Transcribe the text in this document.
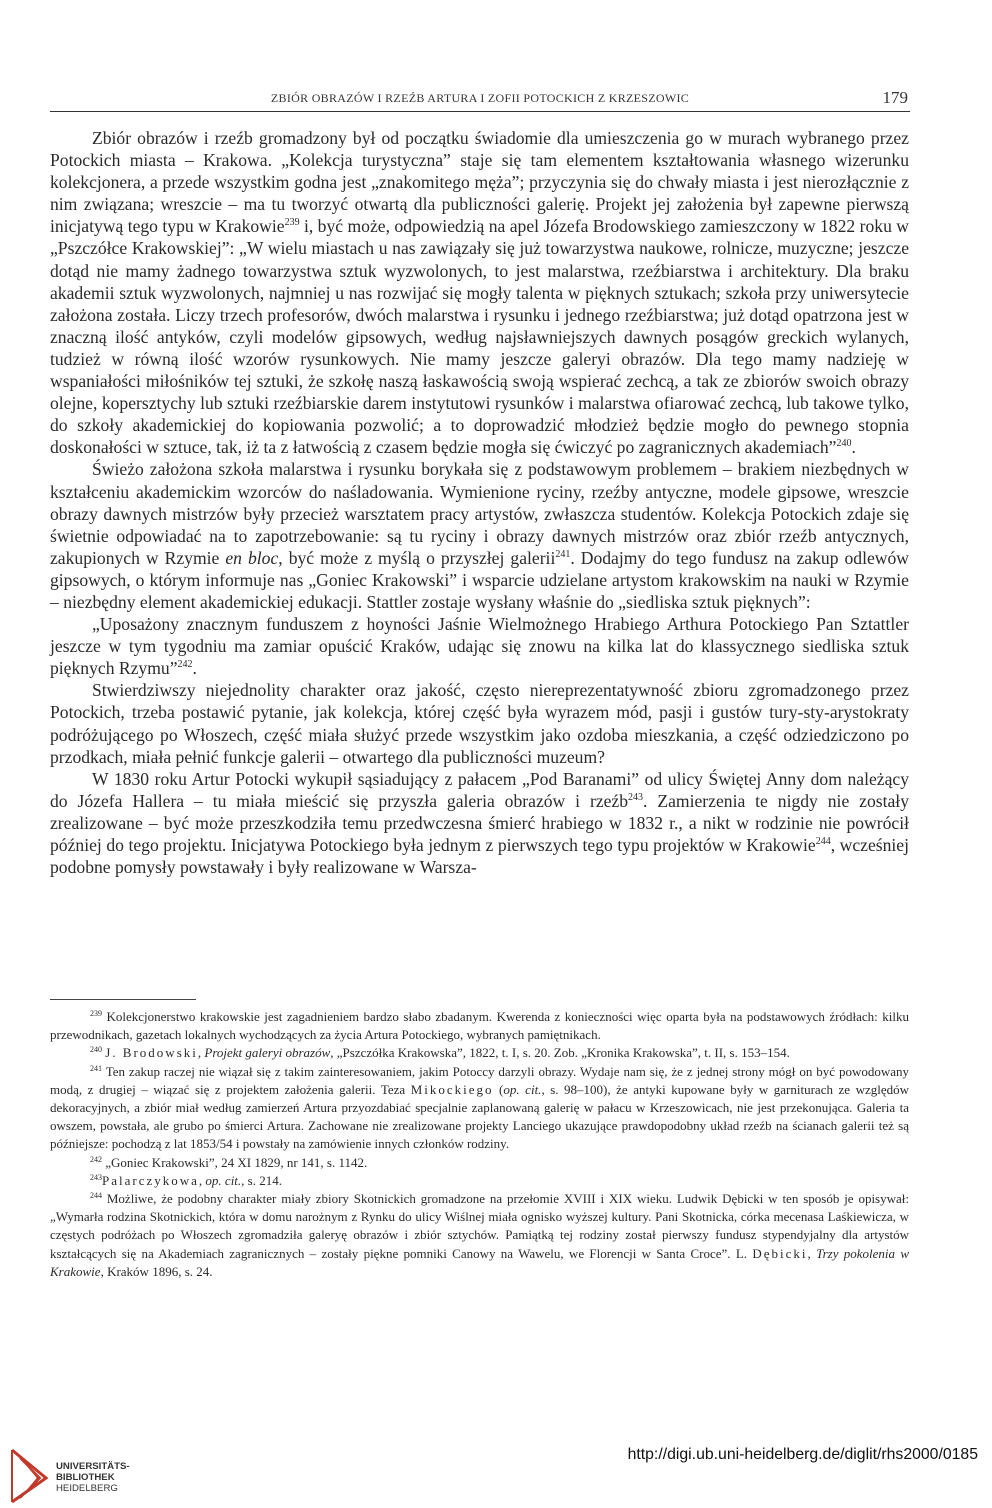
ZBIÓR OBRAZÓW I RZEŹB ARTURA I ZOFII POTOCKICH Z KRZESZOWIC	179

Zbiór obrazów i rzeźb gromadzony był od początku świadomie dla umieszczenia go w murach wybranego przez Potockich miasta – Krakowa. „Kolekcja turystyczna” staje się tam elementem kształtowania własnego wizerunku kolekcjonera, a przede wszystkim godna jest „znakomitego męża”; przyczynia się do chwały miasta i jest nierozłącznie z nim związana; wreszcie – ma tu tworzyć otwartą dla publiczności galerię. Projekt jej założenia był zapewne pierwszą inicjatywą tego typu w Krakowie$^{239}$ i, być może, odpowiedzią na apel Józefa Brodowskiego zamieszczony w 1822 roku w „Pszczółce Krakowskiej”: „W wielu miastach u nas zawiązały się już towarzystwa naukowe, rolnicze, muzyczne; jeszcze dotąd nie mamy żadnego towarzystwa sztuk wyzwolonych, to jest malarstwa, rzeźbiarstwa i architektury. Dla braku akademii sztuk wyzwolonych, najmniej u nas rozwijać się mogły talenta w pięknych sztukach; szkoła przy uniwersytecie założona została. Liczy trzech profesorów, dwóch malarstwa i rysunku i jednego rzeźbiarstwa; już dotąd opatrzona jest w znaczną ilość antyków, czyli modelów gipsowych, według najsławniejszych dawnych posągów greckich wylanych, tudzież w równą ilość wzorów rysunkowych. Nie mamy jeszcze galeryi obrazów. Dla tego mamy nadzieję w wspaniałości miłośników tej sztuki, że szkołę naszą łaskawością swoją wspierać zechcą, a tak ze zbiorów swoich obrazy olejne, kopersztychy lub sztuki rzeźbiarskie darem instytutowi rysunków i malarstwa ofiarować zechcą, lub takowe tylko, do szkoły akademickiej do kopiowania pozwolić; a to doprowadzić młodzież będzie mogło do pewnego stopnia doskonałości w sztuce, tak, iż ta z łatwością z czasem będzie mogła się ćwiczyć po zagranicznych akademiach”$^{240}$.

Świeżo założona szkoła malarstwa i rysunku borykała się z podstawowym problemem – brakiem niezbędnych w kształceniu akademickim wzorców do naśladowania. Wymienione ryciny, rzeźby antyczne, modele gipsowe, wreszcie obrazy dawnych mistrzów były przecież warsztatem pracy artystów, zwłaszcza studentów. Kolekcja Potockich zdaje się świetnie odpowiadać na to zapotrzebowanie: są tu ryciny i obrazy dawnych mistrzów oraz zbiór rzeźb antycznych, zakupionych w Rzymie en bloc, być może z myślą o przyszłej galerii$^{241}$. Dodajmy do tego fundusz na zakup odlewów gipsowych, o którym informuje nas „Goniec Krakowski” i wsparcie udzielane artystom krakowskim na nauki w Rzymie – niezbędny element akademickiej edukacji. Stattler zostaje wysłany właśnie do „siedliska sztuk pięknych”:

„Uposażony znacznym funduszem z hoyności Jaśnie Wielmożnego Hrabiego Arthura Potockiego Pan Sztattler jeszcze w tym tygodniu ma zamiar opuścić Kraków, udając się znowu na kilka lat do klassycznego siedliska sztuk pięknych Rzymu”$^{242}$.

Stwierdziwszy niejednolity charakter oraz jakość, często niereprezentatywność zbioru zgromadzonego przez Potockich, trzeba postawić pytanie, jak kolekcja, której część była wyrazem mód, pasji i gustów tury-sty-arystokraty podróżującego po Włoszech, część miała służyć przede wszystkim jako ozdoba mieszkania, a część odziedziczono po przodkach, miała pełnić funkcje galerii – otwartego dla publiczności muzeum?

W 1830 roku Artur Potocki wykupił sąsiadujący z pałacem „Pod Baranami” od ulicy Świętej Anny dom należący do Józefa Hallera – tu miała mieścić się przyszła galeria obrazów i rzeźb$^{243}$. Zamierzenia te nigdy nie zostały zrealizowane – być może przeszkodziła temu przedwczesna śmierć hrabiego w 1832 r., a nikt w rodzinie nie powrócił później do tego projektu. Inicjatywa Potockiego była jednym z pierwszych tego typu projektów w Krakowie$^{244}$, wcześniej podobne pomysły powstawały i były realizowane w Warsza-

$^{239}$ Kolekcjonerstwo krakowskie jest zagadnieniem bardzo słabo zbadanym. Kwerenda z konieczności więc oparta była na podstawowych źródłach: kilku przewodnikach, gazetach lokalnych wychodzących za życia Artura Potockiego, wybranych pamiętnikach.

$^{240}$ J. Brodowski, Projekt galeryi obrazów, „Pszczółka Krakowska”, 1822, t. I, s. 20. Zob. „Kronika Krakowska”, t. II, s. 153–154.

$^{241}$ Ten zakup raczej nie wiązał się z takim zainteresowaniem, jakim Potoccy darzyli obrazy. Wydaje nam się, że z jednej strony mógł on być powodowany modą, z drugiej – wiązać się z projektem założenia galerii. Teza Mikockiego (op. cit., s. 98–100), że antyki kupowane były w garniturach ze względów dekoracyjnych, a zbiór miał według zamierzeń Artura przyozdabiać specjalnie zaplanowaną galerię w pałacu w Krzeszowicach, nie jest przekonująca. Galeria ta owszem, powstała, ale grubo po śmierci Artura. Zachowane nie zrealizowane projekty Lanciego ukazujące prawdopodobny układ rzeźb na ścianach galerii też są późniejsze: pochodzą z lat 1853/54 i powstały na zamówienie innych członków rodziny.

$^{242}$ „Goniec Krakowski”, 24 XI 1829, nr 141, s. 1142.

$^{243}$Palarczykowa, op. cit., s. 214.

$^{244}$ Możliwe, że podobny charakter miały zbiory Skotnickich gromadzone na przełomie XVIII i XIX wieku. Ludwik Dębicki w ten sposób je opisywał: „Wymarła rodzina Skotnickich, która w domu narożnym z Rynku do ulicy Wiślnej miała ognisko wyższej kultury. Pani Skotnicka, córka mecenasa Laśkiewicza, w częstych podróżach po Włoszech zgromadziła galeryę obrazów i zbiór sztychów. Pamiątką tej rodziny został pierwszy fundusz stypendyjalny dla artystów kształcących się na Akademiach zagranicznych – zostały piękne pomniki Canowy na Wawelu, we Florencji w Santa Croce”. L. Dębicki, Trzy pokolenia w Krakowie, Kraków 1896, s. 24.

UNIVERSITÄTS-
BIBLIOTHEK
HEIDELBERG
http://digi.ub.uni-heidelberg.de/diglit/rhs2000/0185
